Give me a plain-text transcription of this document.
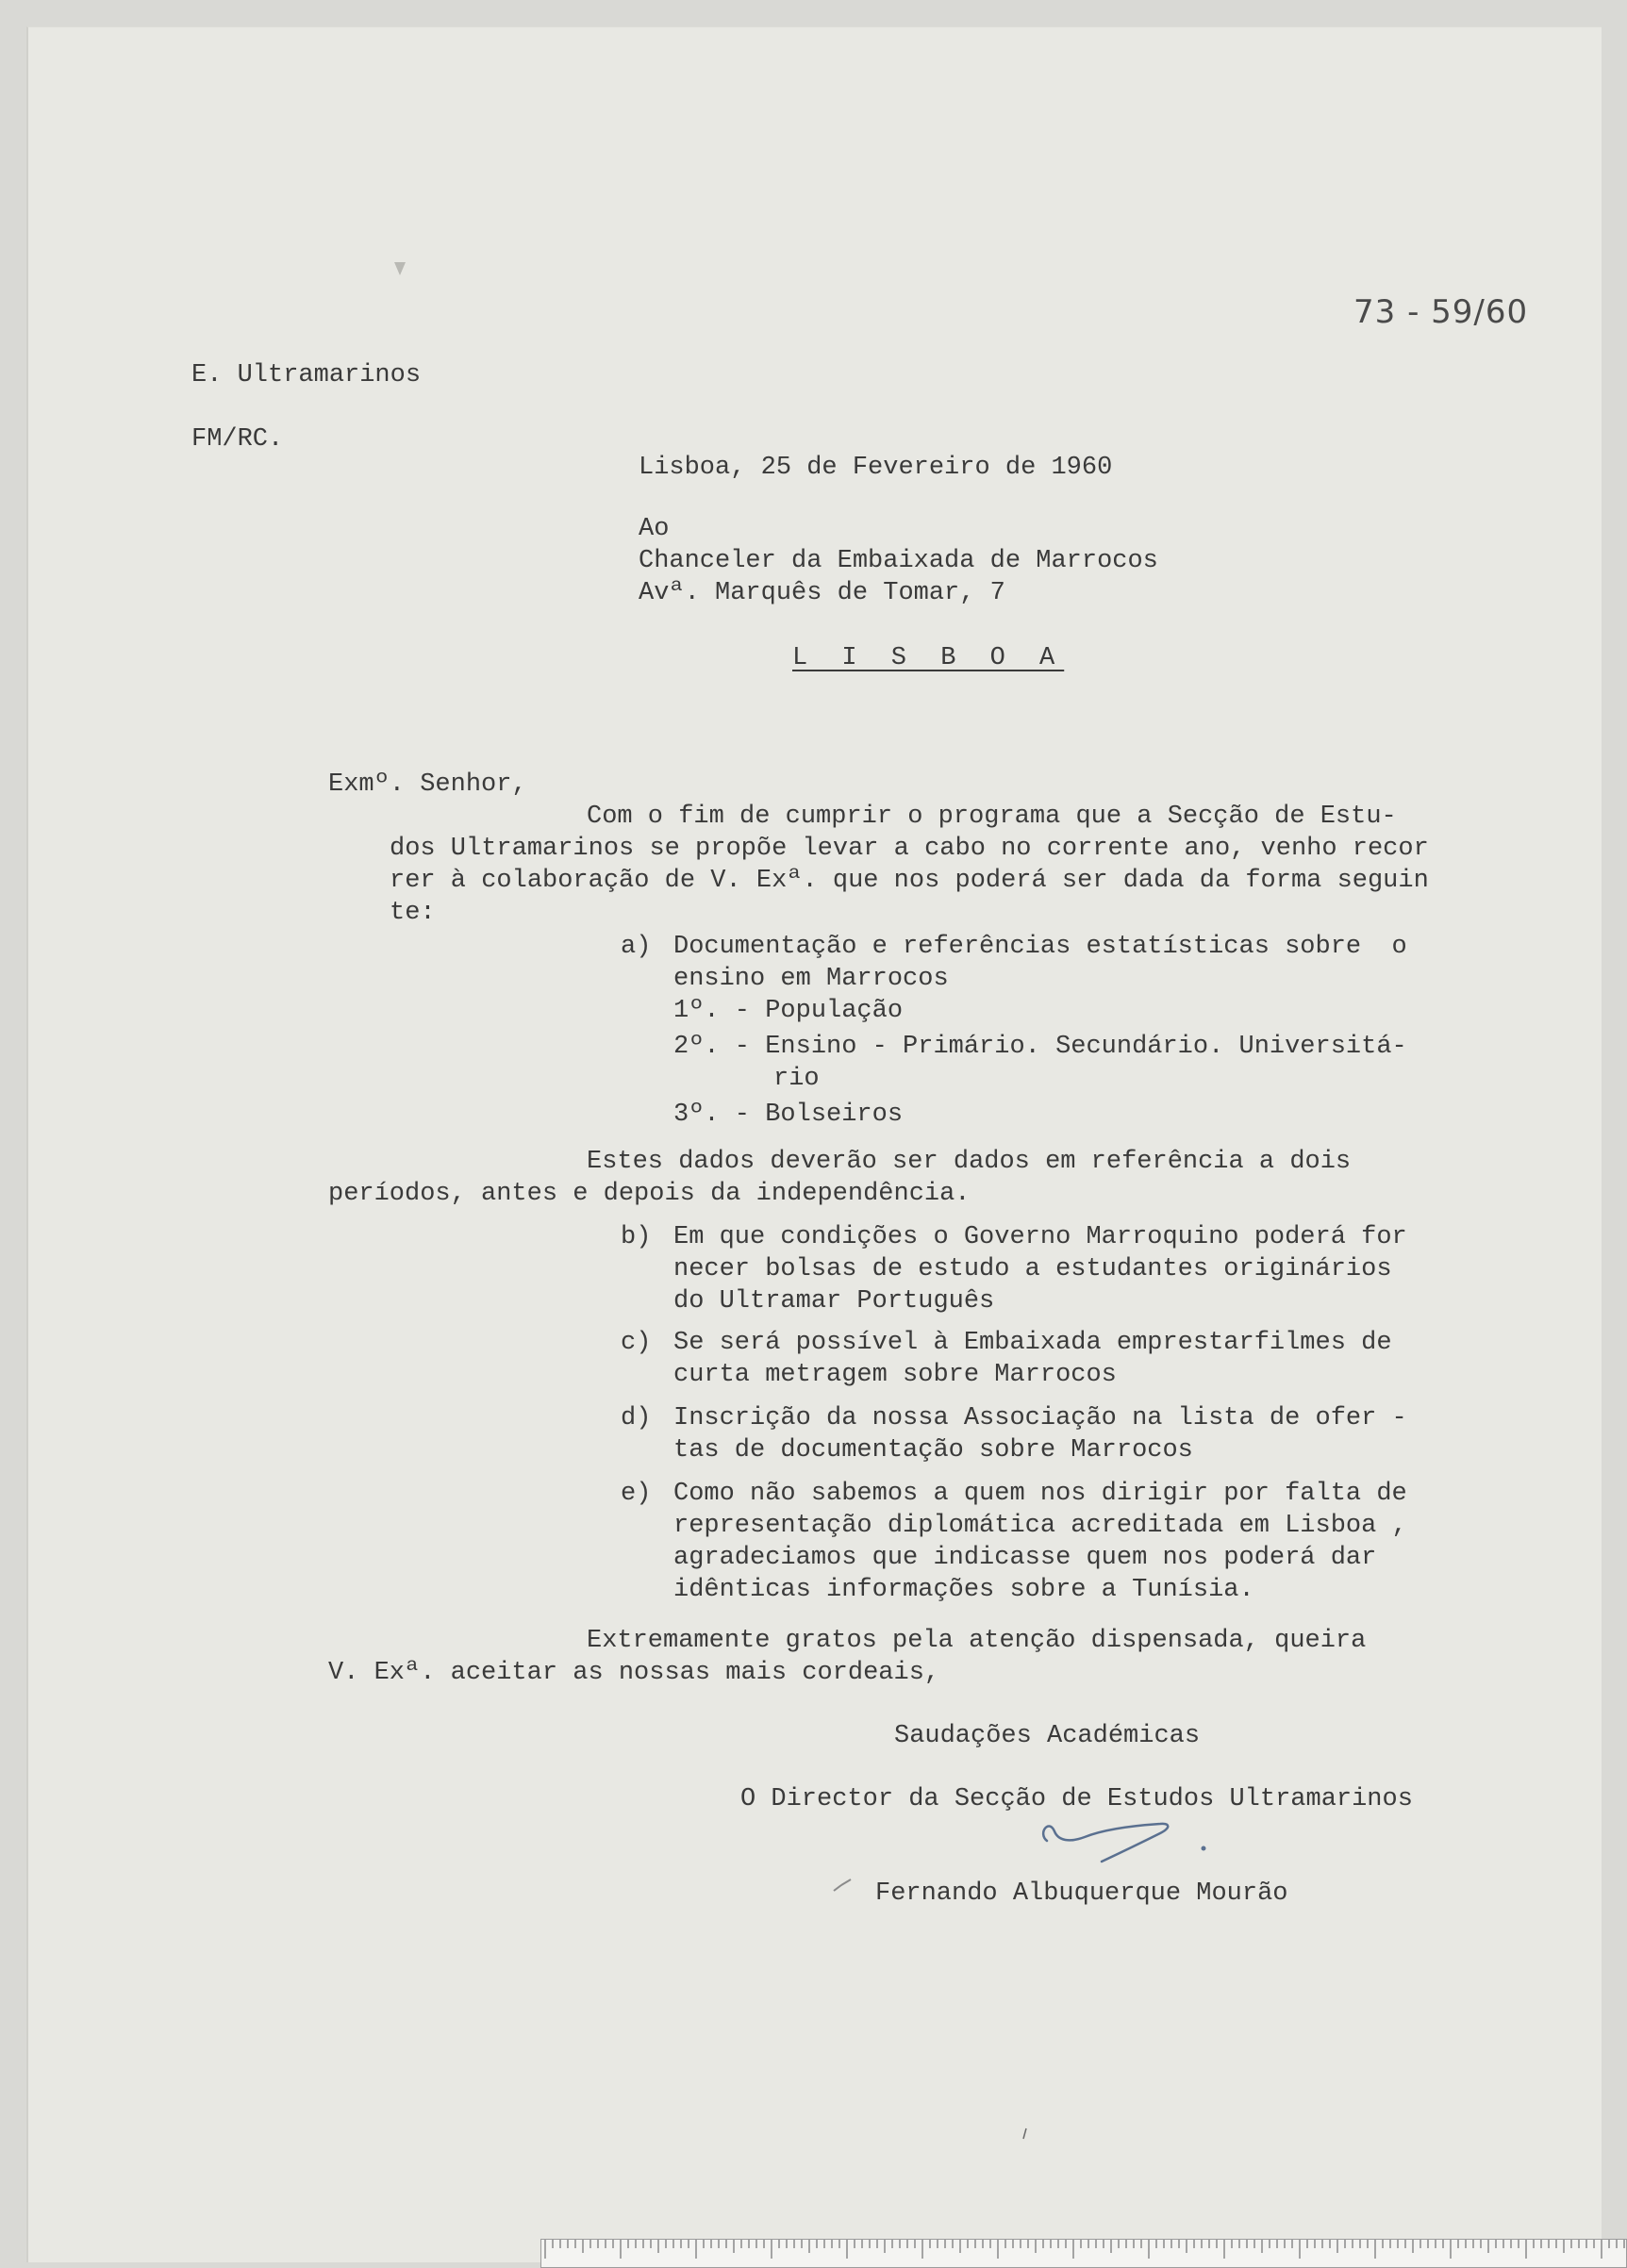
73 - 59/60
E. Ultramarinos
FM/RC.
Lisboa, 25 de Fevereiro de 1960
Ao
Chanceler da Embaixada de Marrocos
Avª. Marquês de Tomar, 7
L I S B O A
Exmº. Senhor,
Com o fim de cumprir o programa que a Secção de Estu-
dos Ultramarinos se propõe levar a cabo no corrente ano, venho recor
rer à colaboração de V. Exª. que nos poderá ser dada da forma seguin
te:
a) Documentação e referências estatísticas sobre  o
ensino em Marrocos
1º. - População
2º. - Ensino - Primário. Secundário. Universitá-
rio
3º. - Bolseiros
Estes dados deverão ser dados em referência a dois
períodos, antes e depois da independência.
b) Em que condições o Governo Marroquino poderá for
necer bolsas de estudo a estudantes originários
do Ultramar Português
c) Se será possível à Embaixada emprestarfilmes de
curta metragem sobre Marrocos
d) Inscrição da nossa Associação na lista de ofer -
tas de documentação sobre Marrocos
e) Como não sabemos a quem nos dirigir por falta de
representação diplomática acreditada em Lisboa ,
agradeciamos que indicasse quem nos poderá dar
idênticas informações sobre a Tunísia.
Extremamente gratos pela atenção dispensada, queira
V. Exª. aceitar as nossas mais cordeais,
Saudações Académicas
O Director da Secção de Estudos Ultramarinos
Fernando Albuquerque Mourão
